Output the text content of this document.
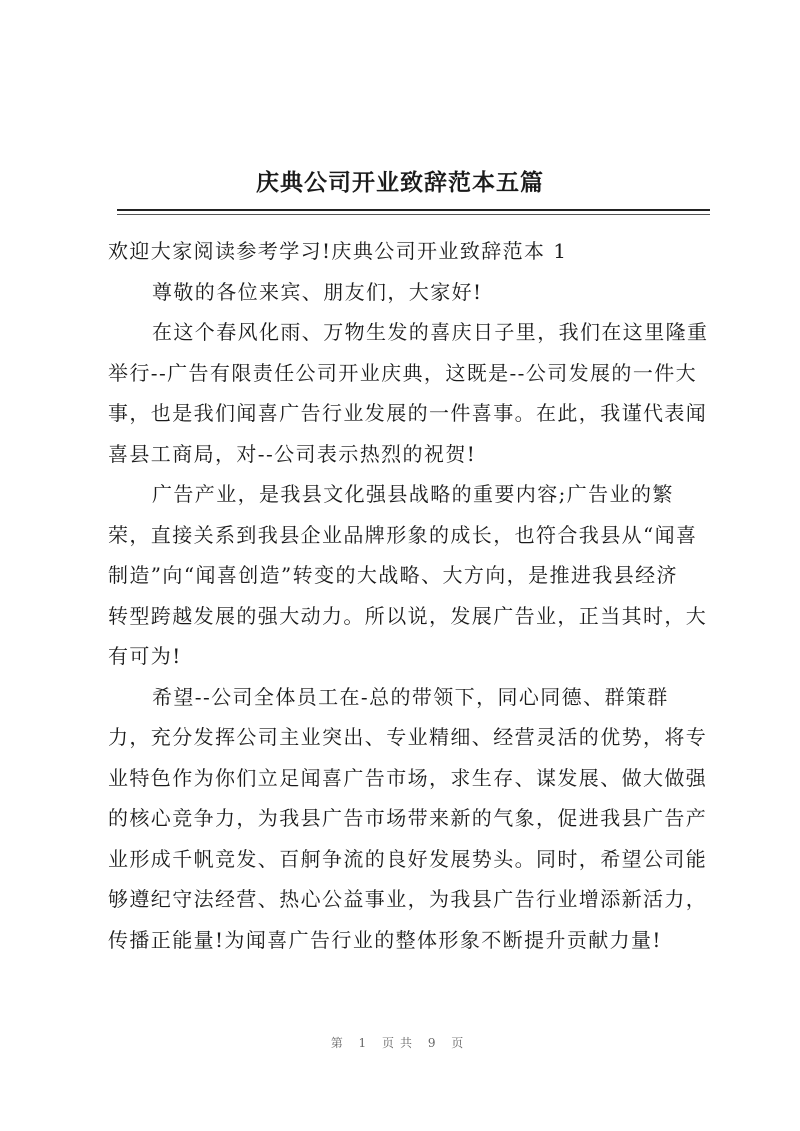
庆典公司开业致辞范本五篇
欢迎大家阅读参考学习!庆典公司开业致辞范本 1
尊敬的各位来宾、朋友们，大家好!
在这个春风化雨、万物生发的喜庆日子里，我们在这里隆重
举行--广告有限责任公司开业庆典，这既是--公司发展的一件大
事，也是我们闻喜广告行业发展的一件喜事。在此，我谨代表闻
喜县工商局，对--公司表示热烈的祝贺!
广告产业，是我县文化强县战略的重要内容;广告业的繁
荣，直接关系到我县企业品牌形象的成长，也符合我县从“闻喜
制造”向“闻喜创造”转变的大战略、大方向，是推进我县经济
转型跨越发展的强大动力。所以说，发展广告业，正当其时，大
有可为!
希望--公司全体员工在-总的带领下，同心同德、群策群
力，充分发挥公司主业突出、专业精细、经营灵活的优势，将专
业特色作为你们立足闻喜广告市场，求生存、谋发展、做大做强
的核心竞争力，为我县广告市场带来新的气象，促进我县广告产
业形成千帆竞发、百舸争流的良好发展势头。同时，希望公司能
够遵纪守法经营、热心公益事业，为我县广告行业增添新活力，
传播正能量!为闻喜广告行业的整体形象不断提升贡献力量!
第 1 页共 9 页
